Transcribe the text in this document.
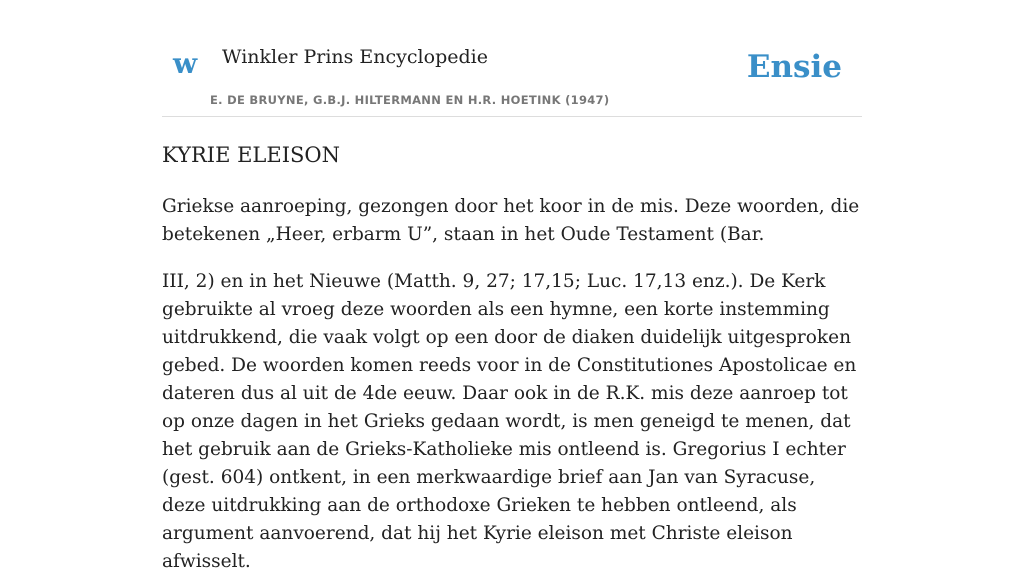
w Winkler Prins Encyclopedie
E. DE BRUYNE, G.B.J. HILTERMANN EN H.R. HOETINK (1947)
Ensie
KYRIE ELEISON

Griekse aanroeping, gezongen door het koor in de mis. Deze woorden, die betekenen „Heer, erbarm U”, staan in het Oude Testament (Bar.

III, 2) en in het Nieuwe (Matth. 9, 27; 17,15; Luc. 17,13 enz.). De Kerk gebruikte al vroeg deze woorden als een hymne, een korte instemming uitdrukkend, die vaak volgt op een door de diaken duidelijk uitgesproken gebed. De woorden komen reeds voor in de Constitutiones Apostolicae en dateren dus al uit de 4de eeuw. Daar ook in de R.K. mis deze aanroep tot op onze dagen in het Grieks gedaan wordt, is men geneigd te menen, dat het gebruik aan de Grieks-Katholieke mis ontleend is. Gregorius I echter (gest. 604) ontkent, in een merkwaardige brief aan Jan van Syracuse, deze uitdrukking aan de orthodoxe Grieken te hebben ontleend, als argument aanvoerend, dat hij het Kyrie eleison met Christe eleison afwisselt.
